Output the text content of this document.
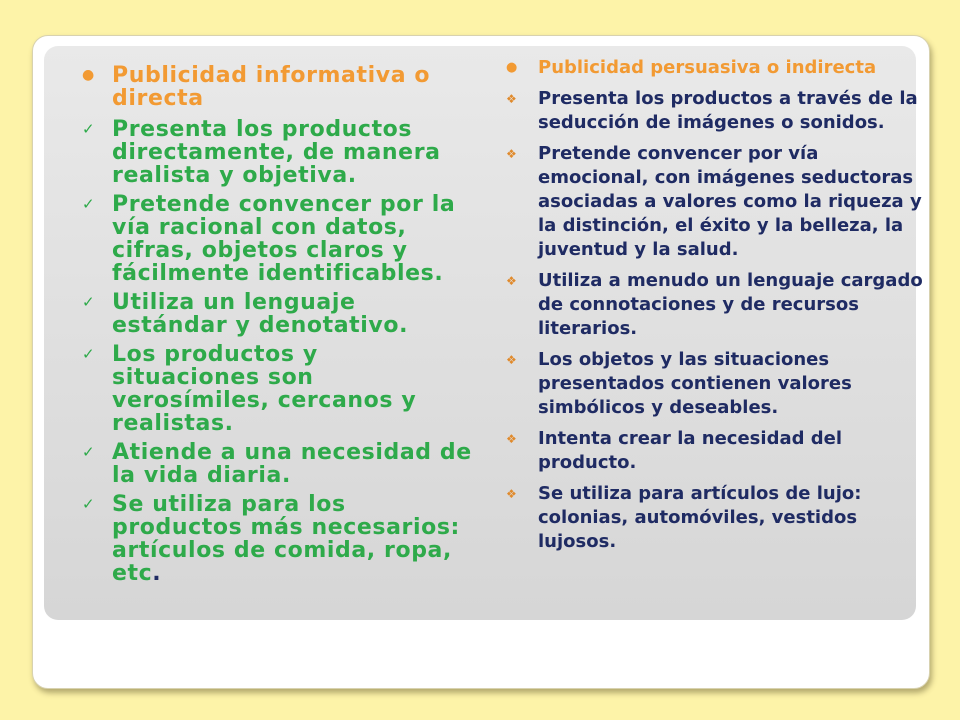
● Publicidad informativa o directa
✓ Presenta los productos directamente, de manera realista y objetiva.
✓ Pretende convencer por la vía racional con datos, cifras, objetos claros y fácilmente identificables.
✓ Utiliza un lenguaje estándar y denotativo.
✓ Los productos y situaciones son verosímiles, cercanos y realistas.
✓ Atiende a una necesidad de la vida diaria.
✓ Se utiliza para los productos más necesarios: artículos de comida, ropa, etc.
●	Publicidad persuasiva o indirecta
❖	Presenta los productos a través de la seducción de imágenes o sonidos.
❖	Pretende convencer por vía emocional, con imágenes seductoras asociadas a valores como la riqueza y la distinción, el éxito y la belleza, la juventud y la salud.
❖	Utiliza a menudo un lenguaje cargado de connotaciones y de recursos literarios.
❖	Los objetos y las situaciones presentados contienen valores simbólicos y deseables.
❖	Intenta crear la necesidad del producto.
❖	Se utiliza para artículos de lujo: colonias, automóviles, vestidos lujosos.
